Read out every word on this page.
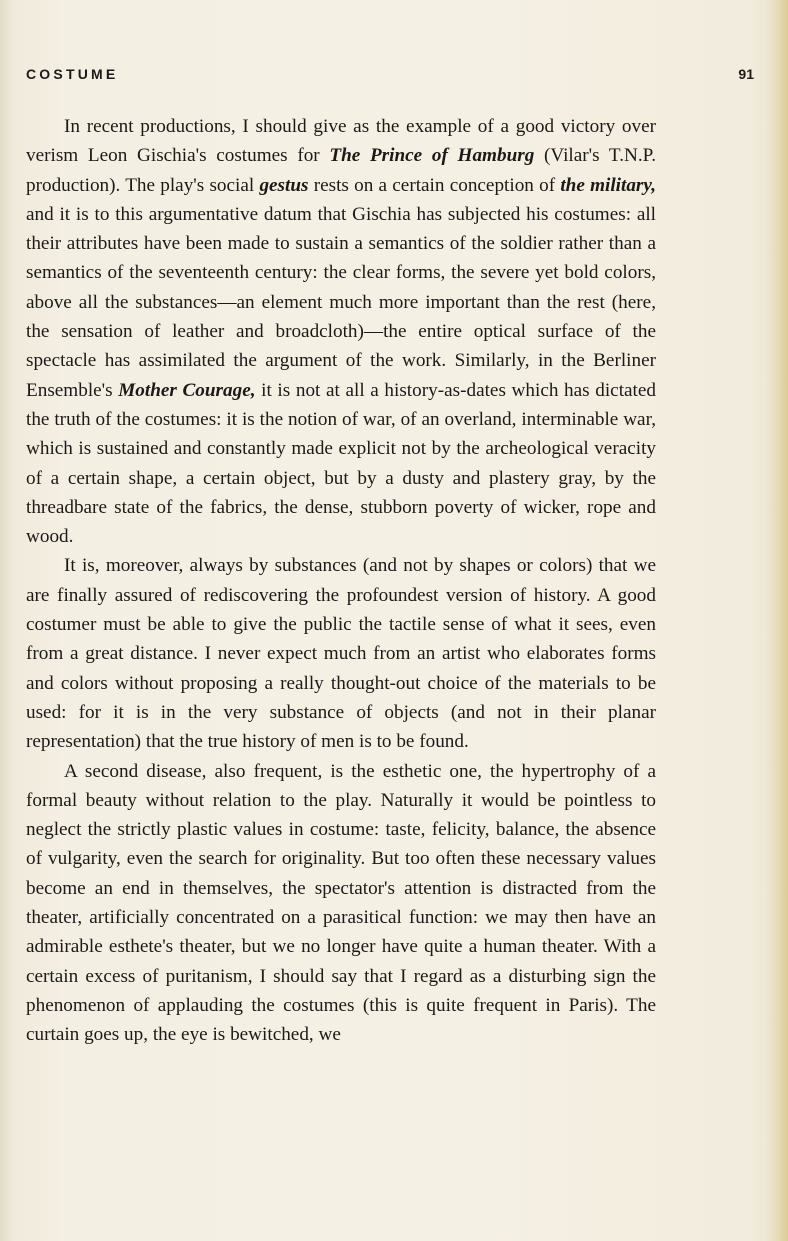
COSTUME	91

In recent productions, I should give as the example of a good victory over verism Leon Gischia's costumes for The Prince of Hamburg (Vilar's T.N.P. production). The play's social gestus rests on a certain conception of the military, and it is to this argumentative datum that Gischia has subjected his costumes: all their attributes have been made to sustain a semantics of the soldier rather than a semantics of the seventeenth century: the clear forms, the severe yet bold colors, above all the substances—an element much more important than the rest (here, the sensation of leather and broadcloth)—the entire optical surface of the spectacle has assimilated the argument of the work. Similarly, in the Berliner Ensemble's Mother Courage, it is not at all a history-as-dates which has dictated the truth of the costumes: it is the notion of war, of an overland, interminable war, which is sustained and constantly made explicit not by the archeological veracity of a certain shape, a certain object, but by a dusty and plastery gray, by the threadbare state of the fabrics, the dense, stubborn poverty of wicker, rope and wood.

It is, moreover, always by substances (and not by shapes or colors) that we are finally assured of rediscovering the profoundest version of history. A good costumer must be able to give the public the tactile sense of what it sees, even from a great distance. I never expect much from an artist who elaborates forms and colors without proposing a really thought-out choice of the materials to be used: for it is in the very substance of objects (and not in their planar representation) that the true history of men is to be found.

A second disease, also frequent, is the esthetic one, the hypertrophy of a formal beauty without relation to the play. Naturally it would be pointless to neglect the strictly plastic values in costume: taste, felicity, balance, the absence of vulgarity, even the search for originality. But too often these necessary values become an end in themselves, the spectator's attention is distracted from the theater, artificially concentrated on a parasitical function: we may then have an admirable esthete's theater, but we no longer have quite a human theater. With a certain excess of puritanism, I should say that I regard as a disturbing sign the phenomenon of applauding the costumes (this is quite frequent in Paris). The curtain goes up, the eye is bewitched, we
